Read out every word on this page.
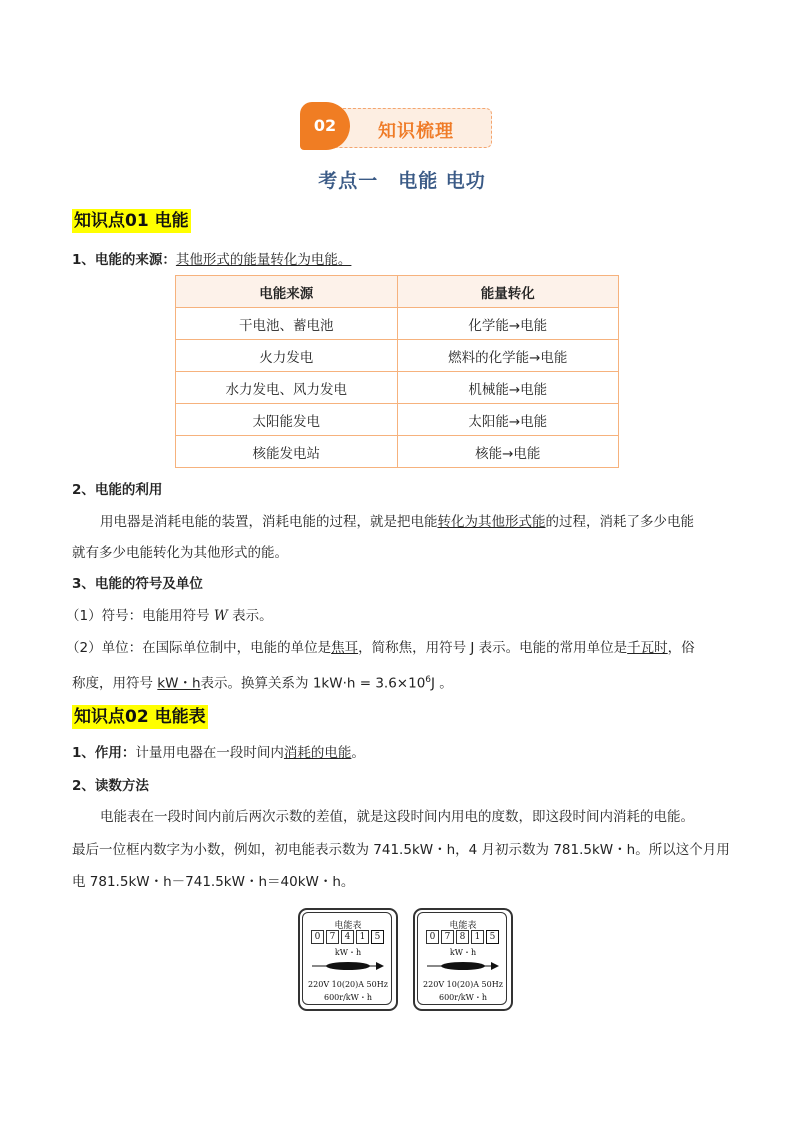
知识梳理
02
考点一　电能 电功
知识点01 电能
1、电能的来源：其他形式的能量转化为电能。
电能来源	能量转化
干电池、蓄电池	化学能→电能
火力发电	燃料的化学能→电能
水力发电、风力发电	机械能→电能
太阳能发电	太阳能→电能
核能发电站	核能→电能
2、电能的利用
用电器是消耗电能的装置，消耗电能的过程，就是把电能转化为其他形式能的过程，消耗了多少电能
就有多少电能转化为其他形式的能。
3、电能的符号及单位
（1）符号：电能用符号 W 表示。
（2）单位：在国际单位制中，电能的单位是焦耳，简称焦，用符号 J 表示。电能的常用单位是千瓦时，俗
称度，用符号 kW・h表示。换算关系为 $1kW\cdot h = 3.6\times 10^6J$ 。
知识点02 电能表
1、作用：计量用电器在一段时间内消耗的电能。
2、读数方法
电能表在一段时间内前后两次示数的差值，就是这段时间内用电的度数，即这段时间内消耗的电能。
最后一位框内数字为小数，例如，初电能表示数为 741.5kW・h，4 月初示数为 781.5kW・h。所以这个月用
电 781.5kW・h－741.5kW・h＝40kW・h。
电能表
0	7	4	1	5
kW・h
220V 10(20)A 50Hz
600r/kW・h
电能表
0	7	8	1	5
kW・h
220V 10(20)A 50Hz
600r/kW・h
